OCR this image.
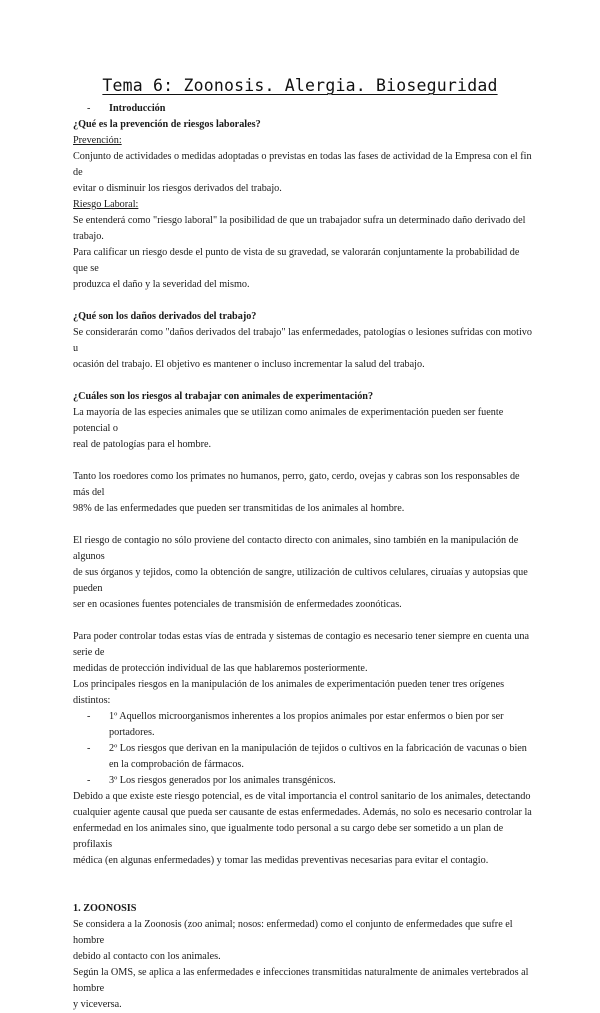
Tema 6: Zoonosis. Alergia. Bioseguridad
-	Introducción

¿Qué es la prevención de riesgos laborales?

Prevención:

Conjunto de actividades o medidas adoptadas o previstas en todas las fases de actividad de la Empresa con el fin de

evitar o disminuir los riesgos derivados del trabajo.

Riesgo Laboral:

Se entenderá como "riesgo laboral" la posibilidad de que un trabajador sufra un determinado daño derivado del trabajo.

Para calificar un riesgo desde el punto de vista de su gravedad, se valorarán conjuntamente la probabilidad de que se

produzca el daño y la severidad del mismo.

¿Qué son los daños derivados del trabajo?

Se considerarán como "daños derivados del trabajo" las enfermedades, patologías o lesiones sufridas con motivo u

ocasión del trabajo. El objetivo es mantener o incluso incrementar la salud del trabajo.

¿Cuáles son los riesgos al trabajar con animales de experimentación?

La mayoría de las especies animales que se utilizan como animales de experimentación pueden ser fuente potencial o

real de patologías para el hombre.

Tanto los roedores como los primates no humanos, perro, gato, cerdo, ovejas y cabras son los responsables de más del

98% de las enfermedades que pueden ser transmitidas de los animales al hombre.

El riesgo de contagio no sólo proviene del contacto directo con animales, sino también en la manipulación de algunos

de sus órganos y tejidos, como la obtención de sangre, utilización de cultivos celulares, ciruaías y autopsias que pueden

ser en ocasiones fuentes potenciales de transmisión de enfermedades zoonóticas.

Para poder controlar todas estas vías de entrada y sistemas de contagio es necesario tener siempre en cuenta una serie de

medidas de protección individual de las que hablaremos posteriormente.

Los principales riesgos en la manipulación de los animales de experimentación pueden tener tres orígenes distintos:

-	1º Aquellos microorganismos inherentes a los propios animales por estar enfermos o bien por ser portadores.
-	2º Los riesgos que derivan en la manipulación de tejidos o cultivos en la fabricación de vacunas o bien en la comprobación de fármacos.
-	3º Los riesgos generados por los animales transgénicos.

Debido a que existe este riesgo potencial, es de vital importancia el control sanitario de los animales, detectando

cualquier agente causal que pueda ser causante de estas enfermedades. Además, no solo es necesario controlar la

enfermedad en los animales sino, que igualmente todo personal a su cargo debe ser sometido a un plan de profilaxis

médica (en algunas enfermedades) y tomar las medidas preventivas necesarias para evitar el contagio.

1. ZOONOSIS

Se considera a la Zoonosis (zoo animal; nosos: enfermedad) como el conjunto de enfermedades que sufre el hombre

debido al contacto con los animales.

Según la OMS, se aplica a las enfermedades e infecciones transmitidas naturalmente de animales vertebrados al hombre

y viceversa.
